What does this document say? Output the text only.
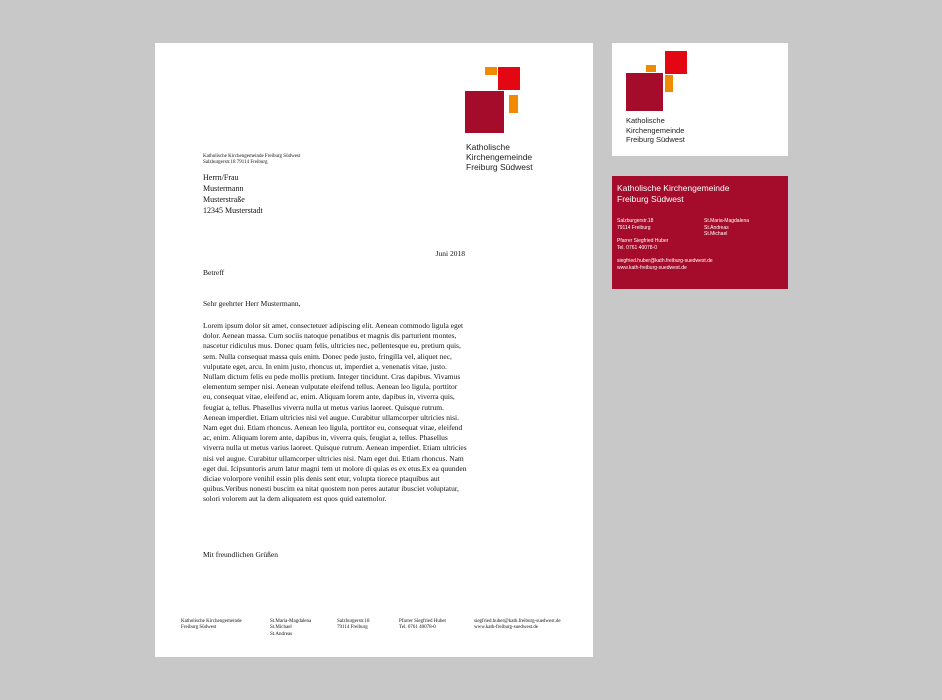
Katholische
Kirchengemeinde
Freiburg Südwest
Katholische Kirchengemeinde Freiburg Südwest
Salzburgerstr.18 79114 Freiburg
Herrn/Frau
Mustermann
Musterstraße
12345 Musterstadt
Juni 2018
Betreff
Sehr geehrter Herr Mustermann,
Lorem ipsum dolor sit amet, consectetuer adipiscing elit. Aenean commodo ligula eget dolor. Aenean massa. Cum sociis natoque penatibus et magnis dis parturient montes, nascetur ridiculus mus. Donec quam felis, ultricies nec, pellentesque eu, pretium quis, sem. Nulla consequat massa quis enim. Donec pede justo, fringilla vel, aliquet nec, vulputate eget, arcu. In enim justo, rhoncus ut, imperdiet a, venenatis vitae, justo. Nullam dictum felis eu pede mollis pretium. Integer tincidunt. Cras dapibus. Vivamus elementum semper nisi. Aenean vulputate eleifend tellus. Aenean leo ligula, porttitor eu, consequat vitae, eleifend ac, enim. Aliquam lorem ante, dapibus in, viverra quis, feugiat a, tellus. Phasellus viverra nulla ut metus varius laoreet. Quisque rutrum. Aenean imperdiet. Etiam ultricies nisi vel augue. Curabitur ullamcorper ultricies nisi. Nam eget dui. Etiam rhoncus. Aenean leo ligula, porttitor eu, consequat vitae, eleifend ac, enim. Aliquam lorem ante, dapibus in, viverra quis, feugiat a, tellus. Phasellus viverra nulla ut metus varius laoreet. Quisque rutrum. Aenean imperdiet. Etiam ultricies nisi vel augue. Curabitur ullamcorper ultricies nisi. Nam eget dui. Etiam rhoncus. Nam eget dui. Icipsuntoris arum latur magni tem ut molore di quias es ex etus.Ex ea quunden diciae volorpore venihil essin plis denis sent etur, volupta tiorece ptaquibus aut quibus.Veribus nonesti buscim ea nitat quostem non peres autatur ibusciet voluptatur, solori volorem aut la dem aliquatem est quos quid eatemolor.
Mit freundlichen Grüßen
Katholische Kirchengemeinde
Freiburg Südwest
St.Maria-Magdalena
St.Michael
St.Andreas
Salzburgerstr.18
79114 Freiburg
Pfarrer Siegfried Huber
Tel. 0761 40078-0
siegfried.huber@kath.freiburg-suedwest.de
www.kath-freiburg-suedwest.de
Katholische
Kirchengemeinde
Freiburg Südwest
Katholische Kirchengemeinde
Freiburg Südwest
Salzburgerstr.18
79114 Freiburg
Pfarrer Siegfried Huber
Tel. 0761 40078-0
St.Maria-Magdalena
St.Andreas
St.Michael
siegfried.huber@kath.freiburg-suedwest.de
www.kath-freiburg-suedwest.de
